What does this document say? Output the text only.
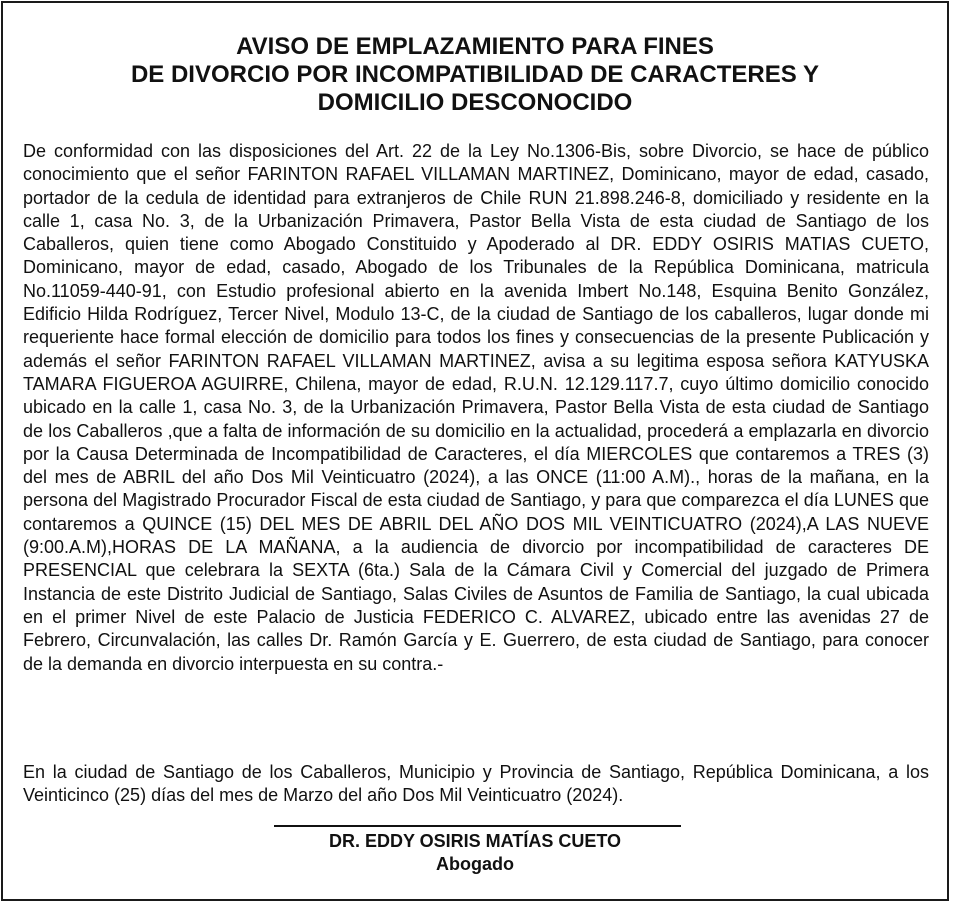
AVISO DE EMPLAZAMIENTO PARA FINES
DE DIVORCIO POR INCOMPATIBILIDAD DE CARACTERES Y
DOMICILIO DESCONOCIDO

De conformidad con las disposiciones del Art. 22 de la Ley No.1306-Bis, sobre Divorcio, se hace de público conocimiento que el señor FARINTON RAFAEL VILLAMAN MARTINEZ, Dominicano, mayor de edad, casado, portador de la cedula de identidad para extranjeros de Chile RUN 21.898.246-8, domiciliado y residente en la calle 1, casa No. 3, de la Urbanización Primavera, Pastor Bella Vista de esta ciudad de Santiago de los Caballeros, quien tiene como Abogado Constituido y Apoderado al DR. EDDY OSIRIS MATIAS CUETO, Dominicano, mayor de edad, casado, Abogado de los Tribunales de la República Dominicana, matricula No.11059-440-91, con Estudio profesional abierto en la avenida Imbert No.148, Esquina Benito González, Edificio Hilda Rodríguez, Tercer Nivel, Modulo 13-C, de la ciudad de Santiago de los caballeros, lugar donde mi requeriente hace formal elección de domicilio para todos los fines y consecuencias de la presente Publicación y además el señor FARINTON RAFAEL VILLAMAN MARTINEZ, avisa a su legitima esposa señora KATYUSKA TAMARA FIGUEROA AGUIRRE, Chilena, mayor de edad, R.U.N. 12.129.117.7, cuyo último domicilio conocido ubicado en la calle 1, casa No. 3, de la Urbanización Primavera, Pastor Bella Vista de esta ciudad de Santiago de los Caballeros ,que a falta de información de su domicilio en la actualidad, procederá a emplazarla en divorcio por la Causa Determinada de Incompatibilidad de Caracteres, el día MIERCOLES que contaremos a TRES (3) del mes de ABRIL del año Dos Mil Veinticuatro (2024), a las ONCE (11:00 A.M)., horas de la mañana, en la persona del Magistrado Procurador Fiscal de esta ciudad de Santiago, y para que comparezca el día LUNES que contaremos a QUINCE (15) DEL MES DE ABRIL DEL AÑO DOS MIL VEINTICUATRO (2024),A LAS NUEVE (9:00.A.M),HORAS DE LA MAÑANA, a la audiencia de divorcio por incompatibilidad de caracteres DE PRESENCIAL que celebrara la SEXTA (6ta.) Sala de la Cámara Civil y Comercial del juzgado de Primera Instancia de este Distrito Judicial de Santiago, Salas Civiles de Asuntos de Familia de Santiago, la cual ubicada en el primer Nivel de este Palacio de Justicia FEDERICO C. ALVAREZ, ubicado entre las avenidas 27 de Febrero, Circunvalación, las calles Dr. Ramón García y E. Guerrero, de esta ciudad de Santiago, para conocer de la demanda en divorcio interpuesta en su contra.-

En la ciudad de Santiago de los Caballeros, Municipio y Provincia de Santiago, República Dominicana, a los Veinticinco (25) días del mes de Marzo del año Dos Mil Veinticuatro (2024).

DR. EDDY OSIRIS MATÍAS CUETO

Abogado
